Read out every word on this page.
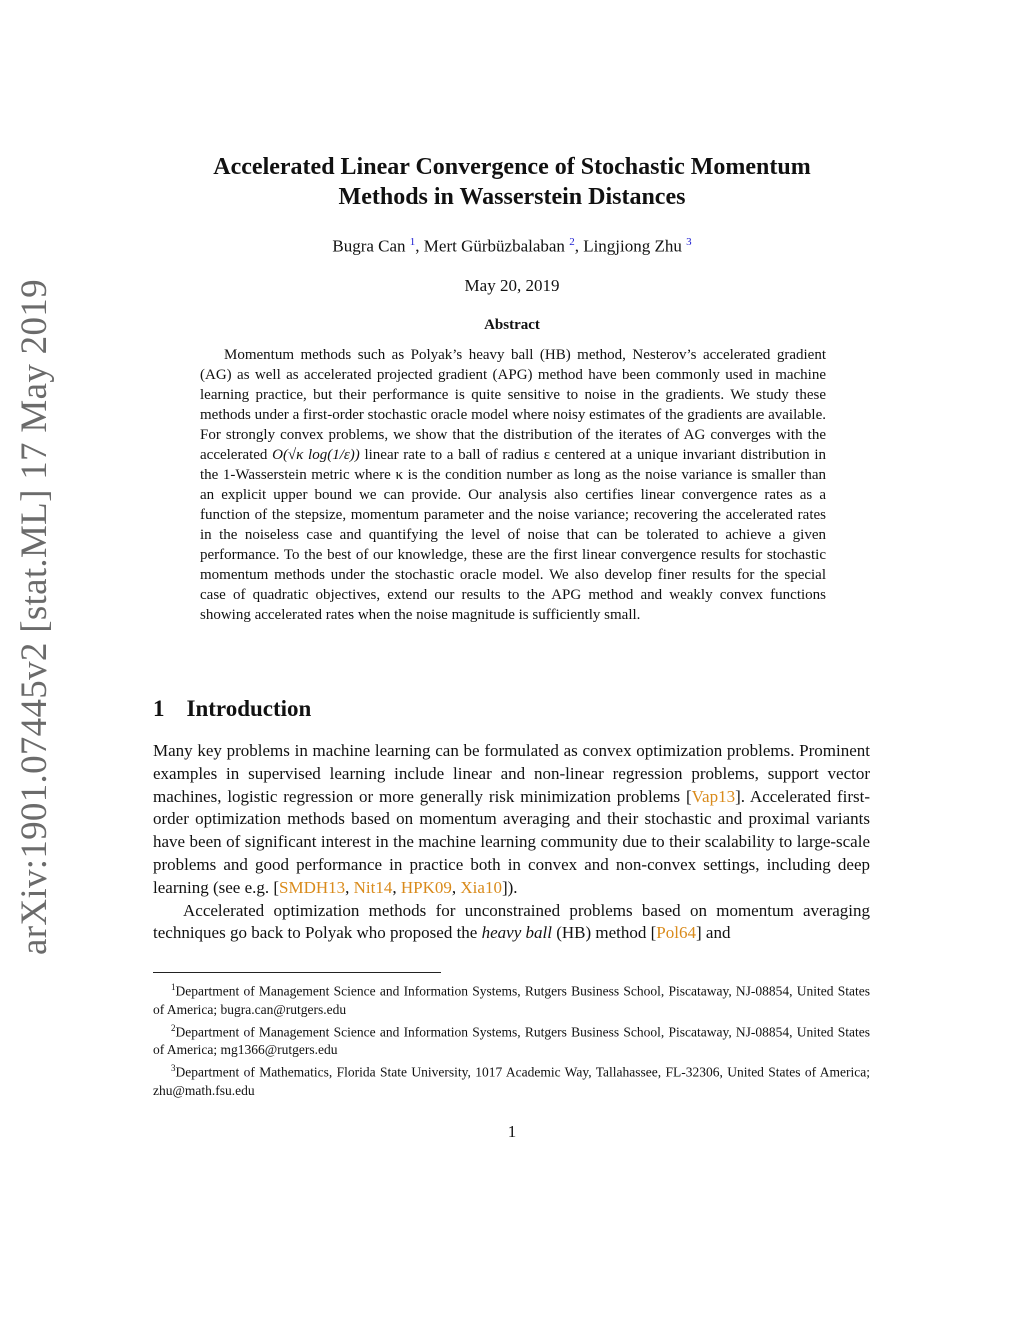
arXiv:1901.07445v2 [stat.ML] 17 May 2019
Accelerated Linear Convergence of Stochastic Momentum
Methods in Wasserstein Distances
Bugra Can $^1$, Mert Gürbüzbalaban $^2$, Lingjiong Zhu $^3$
May 20, 2019
Abstract
Momentum methods such as Polyak’s heavy ball (HB) method, Nesterov’s accelerated gradient (AG) as well as accelerated projected gradient (APG) method have been commonly used in machine learning practice, but their performance is quite sensitive to noise in the gradients. We study these methods under a first-order stochastic oracle model where noisy estimates of the gradients are available. For strongly convex problems, we show that the distribution of the iterates of AG converges with the accelerated O(√κ log(1/ε)) linear rate to a ball of radius ε centered at a unique invariant distribution in the 1-Wasserstein metric where κ is the condition number as long as the noise variance is smaller than an explicit upper bound we can provide. Our analysis also certifies linear convergence rates as a function of the stepsize, momentum parameter and the noise variance; recovering the accelerated rates in the noiseless case and quantifying the level of noise that can be tolerated to achieve a given performance. To the best of our knowledge, these are the first linear convergence results for stochastic momentum methods under the stochastic oracle model. We also develop finer results for the special case of quadratic objectives, extend our results to the APG method and weakly convex functions showing accelerated rates when the noise magnitude is sufficiently small.
1 Introduction

Many key problems in machine learning can be formulated as convex optimization problems. Prominent examples in supervised learning include linear and non-linear regression problems, support vector machines, logistic regression or more generally risk minimization problems [Vap13]. Accelerated first-order optimization methods based on momentum averaging and their stochastic and proximal variants have been of significant interest in the machine learning community due to their scalability to large-scale problems and good performance in practice both in convex and non-convex settings, including deep learning (see e.g. [SMDH13, Nit14, HPK09, Xia10]).

Accelerated optimization methods for unconstrained problems based on momentum averaging techniques go back to Polyak who proposed the heavy ball (HB) method [Pol64] and

$^1$Department of Management Science and Information Systems, Rutgers Business School, Piscataway, NJ-08854, United States of America; bugra.can@rutgers.edu

$^2$Department of Management Science and Information Systems, Rutgers Business School, Piscataway, NJ-08854, United States of America; mg1366@rutgers.edu

$^3$Department of Mathematics, Florida State University, 1017 Academic Way, Tallahassee, FL-32306, United States of America; zhu@math.fsu.edu

1
